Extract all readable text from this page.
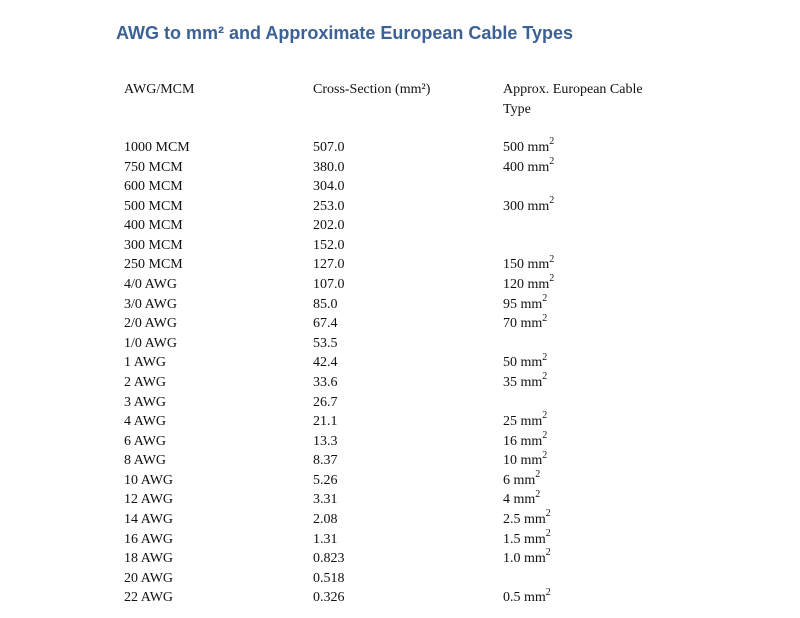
AWG to mm² and Approximate European Cable Types
AWG/MCM	Cross-Section (mm²)	Approx. European Cable
Type
1000 MCM	507.0	500 $mm^2$
750 MCM	380.0	400 $mm^2$
600 MCM	304.0
500 MCM	253.0	300 $mm^2$
400 MCM	202.0
300 MCM	152.0
250 MCM	127.0	150 $mm^2$
4/0 AWG	107.0	120 $mm^2$
3/0 AWG	85.0	95 $mm^2$
2/0 AWG	67.4	70 $mm^2$
1/0 AWG	53.5
1 AWG	42.4	50 $mm^2$
2 AWG	33.6	35 $mm^2$
3 AWG	26.7
4 AWG	21.1	25 $mm^2$
6 AWG	13.3	16 $mm^2$
8 AWG	8.37	10 $mm^2$
10 AWG	5.26	6 $mm^2$
12 AWG	3.31	4 $mm^2$
14 AWG	2.08	2.5 $mm^2$
16 AWG	1.31	1.5 $mm^2$
18 AWG	0.823	1.0 $mm^2$
20 AWG	0.518
22 AWG	0.326	0.5 $mm^2$
